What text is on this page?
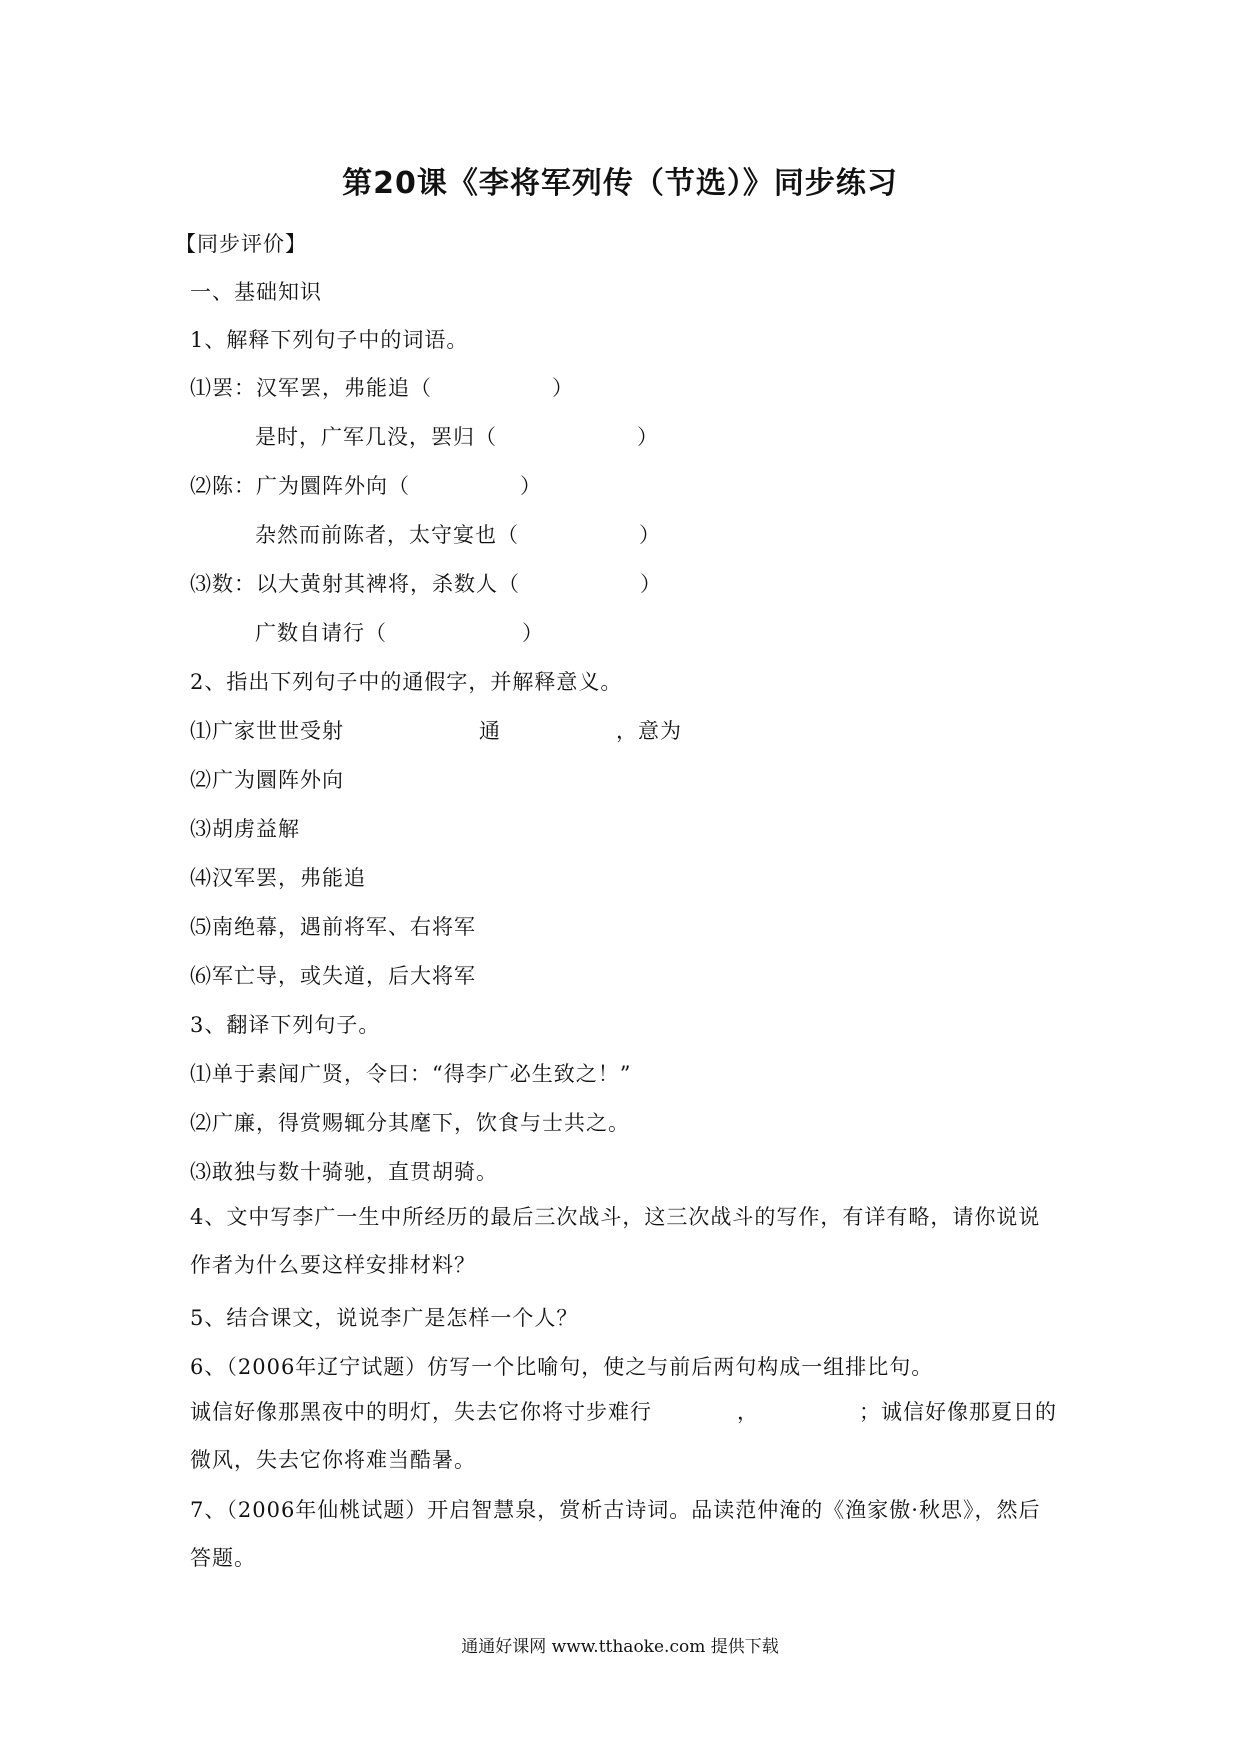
第20课《李将军列传（节选）》同步练习
【同步评价】
一、基础知识
1、解释下列句子中的词语。
⑴罢：汉军罢，弗能追（	）
是时，广军几没，罢归（	）
⑵陈：广为圜阵外向（	）
杂然而前陈者，太守宴也（	）
⑶数：以大黄射其裨将，杀数人（	）
广数自请行（	）
2、指出下列句子中的通假字，并解释意义。
⑴广家世世受射	通	，意为
⑵广为圜阵外向
⑶胡虏益解
⑷汉军罢，弗能追
⑸南绝幕，遇前将军、右将军
⑹军亡导，或失道，后大将军
3、翻译下列句子。
⑴单于素闻广贤，令曰：“得李广必生致之！”
⑵广廉，得赏赐辄分其麾下，饮食与士共之。
⑶敢独与数十骑驰，直贯胡骑。
4、文中写李广一生中所经历的最后三次战斗，这三次战斗的写作，有详有略，请你说说作者为什么要这样安排材料？
5、结合课文，说说李广是怎样一个人？
6、（2006年辽宁试题）仿写一个比喻句，使之与前后两句构成一组排比句。
诚信好像那黑夜中的明灯，失去它你将寸步难行	，	；诚信好像那夏日的微风，失去它你将难当酷暑。
7、（2006年仙桃试题）开启智慧泉，赏析古诗词。品读范仲淹的《渔家傲·秋思》，然后答题。
通通好课网 www.tthaoke.com 提供下载
